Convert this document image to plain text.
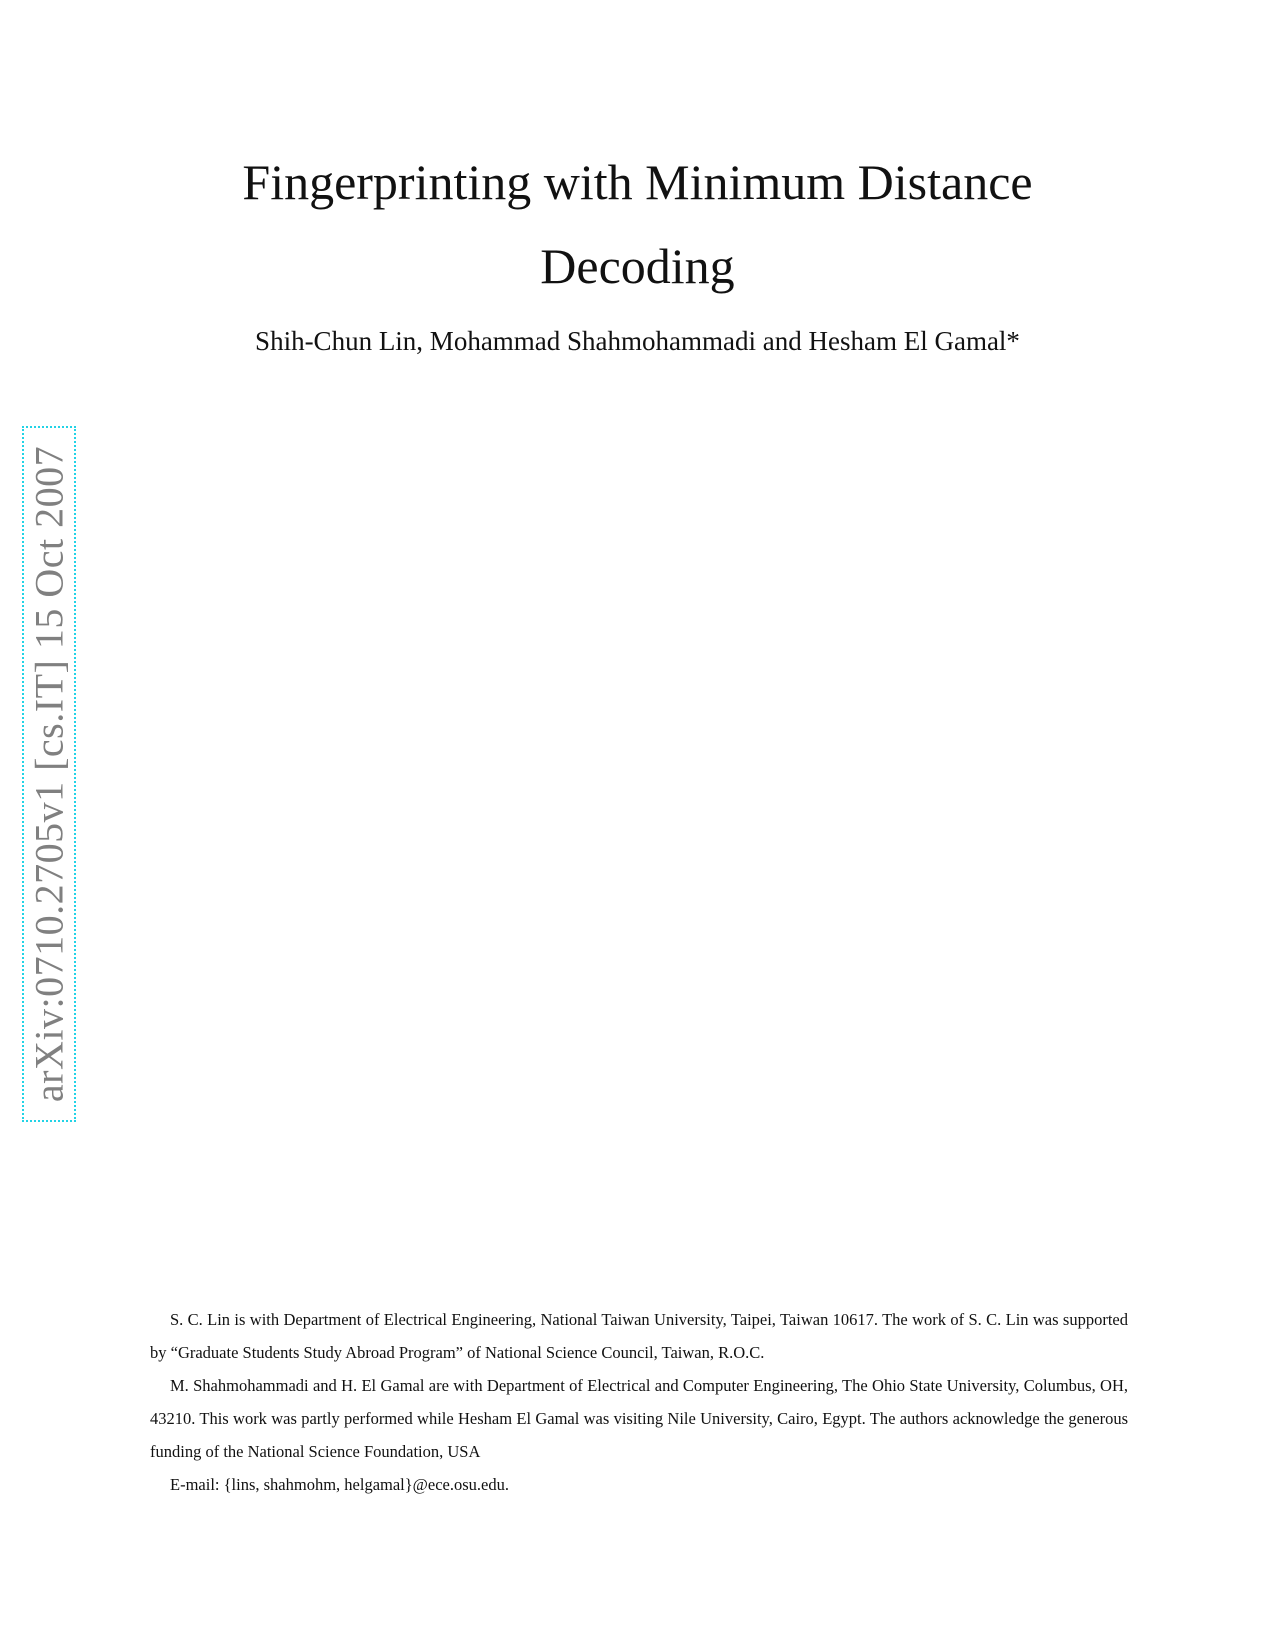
Fingerprinting with Minimum Distance
Decoding

Shih-Chun Lin, Mohammad Shahmohammadi and Hesham El Gamal*

arXiv:0710.2705v1 [cs.IT] 15 Oct 2007

S. C. Lin is with Department of Electrical Engineering, National Taiwan University, Taipei, Taiwan 10617. The work of S. C. Lin was supported by “Graduate Students Study Abroad Program” of National Science Council, Taiwan, R.O.C.

M. Shahmohammadi and H. El Gamal are with Department of Electrical and Computer Engineering, The Ohio State University, Columbus, OH, 43210. This work was partly performed while Hesham El Gamal was visiting Nile University, Cairo, Egypt. The authors acknowledge the generous funding of the National Science Foundation, USA

E-mail: {lins, shahmohm, helgamal}@ece.osu.edu.
